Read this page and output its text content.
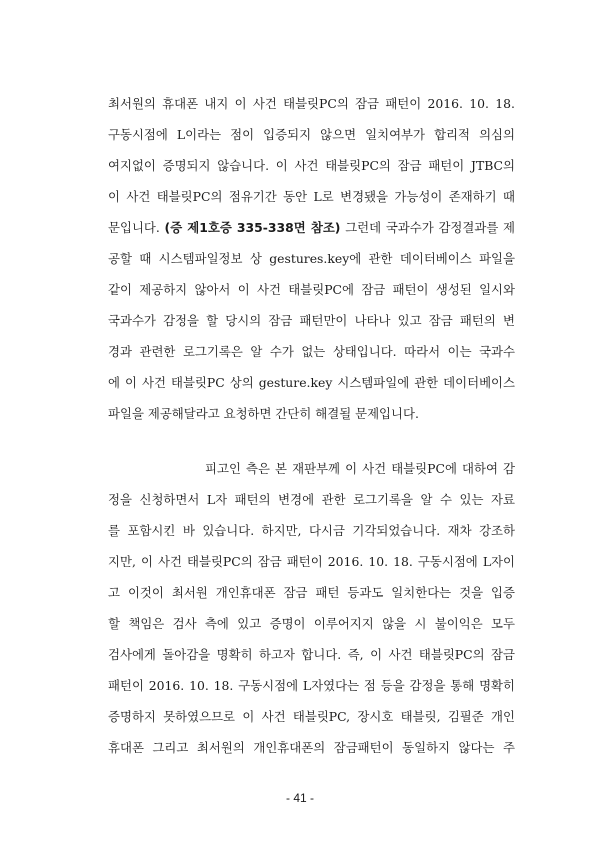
최서원의 휴대폰 내지 이 사건 태블릿PC의 잠금 패턴이 2016. 10. 18.
구동시점에 L이라는 점이 입증되지 않으면 일치여부가 합리적 의심의
여지없이 증명되지 않습니다. 이 사건 태블릿PC의 잠금 패턴이 JTBC의
이 사건 태블릿PC의 점유기간 동안 L로 변경됐을 가능성이 존재하기 때
문입니다. (증 제1호증 335-338면 참조) 그런데 국과수가 감정결과를 제
공할 때 시스템파일정보 상 gestures.key에 관한 데이터베이스 파일을
같이 제공하지 않아서 이 사건 태블릿PC에 잠금 패턴이 생성된 일시와
국과수가 감정을 할 당시의 잠금 패턴만이 나타나 있고 잠금 패턴의 변
경과 관련한 로그기록은 알 수가 없는 상태입니다. 따라서 이는 국과수
에 이 사건 태블릿PC 상의 gesture.key 시스템파일에 관한 데이터베이스
파일을 제공해달라고 요청하면 간단히 해결될 문제입니다.
피고인 측은 본 재판부께 이 사건 태블릿PC에 대하여 감
정을 신청하면서 L자 패턴의 변경에 관한 로그기록을 알 수 있는 자료
를 포함시킨 바 있습니다. 하지만, 다시금 기각되었습니다. 재차 강조하
지만, 이 사건 태블릿PC의 잠금 패턴이 2016. 10. 18. 구동시점에 L자이
고 이것이 최서원 개인휴대폰 잠금 패턴 등과도 일치한다는 것을 입증
할 책임은 검사 측에 있고 증명이 이루어지지 않을 시 불이익은 모두
검사에게 돌아감을 명확히 하고자 합니다. 즉, 이 사건 태블릿PC의 잠금
패턴이 2016. 10. 18. 구동시점에 L자였다는 점 등을 감정을 통해 명확히
증명하지 못하였으므로 이 사건 태블릿PC, 장시호 태블릿, 김필준 개인
휴대폰 그리고 최서원의 개인휴대폰의 잠금패턴이 동일하지 않다는 주
- 41 -
